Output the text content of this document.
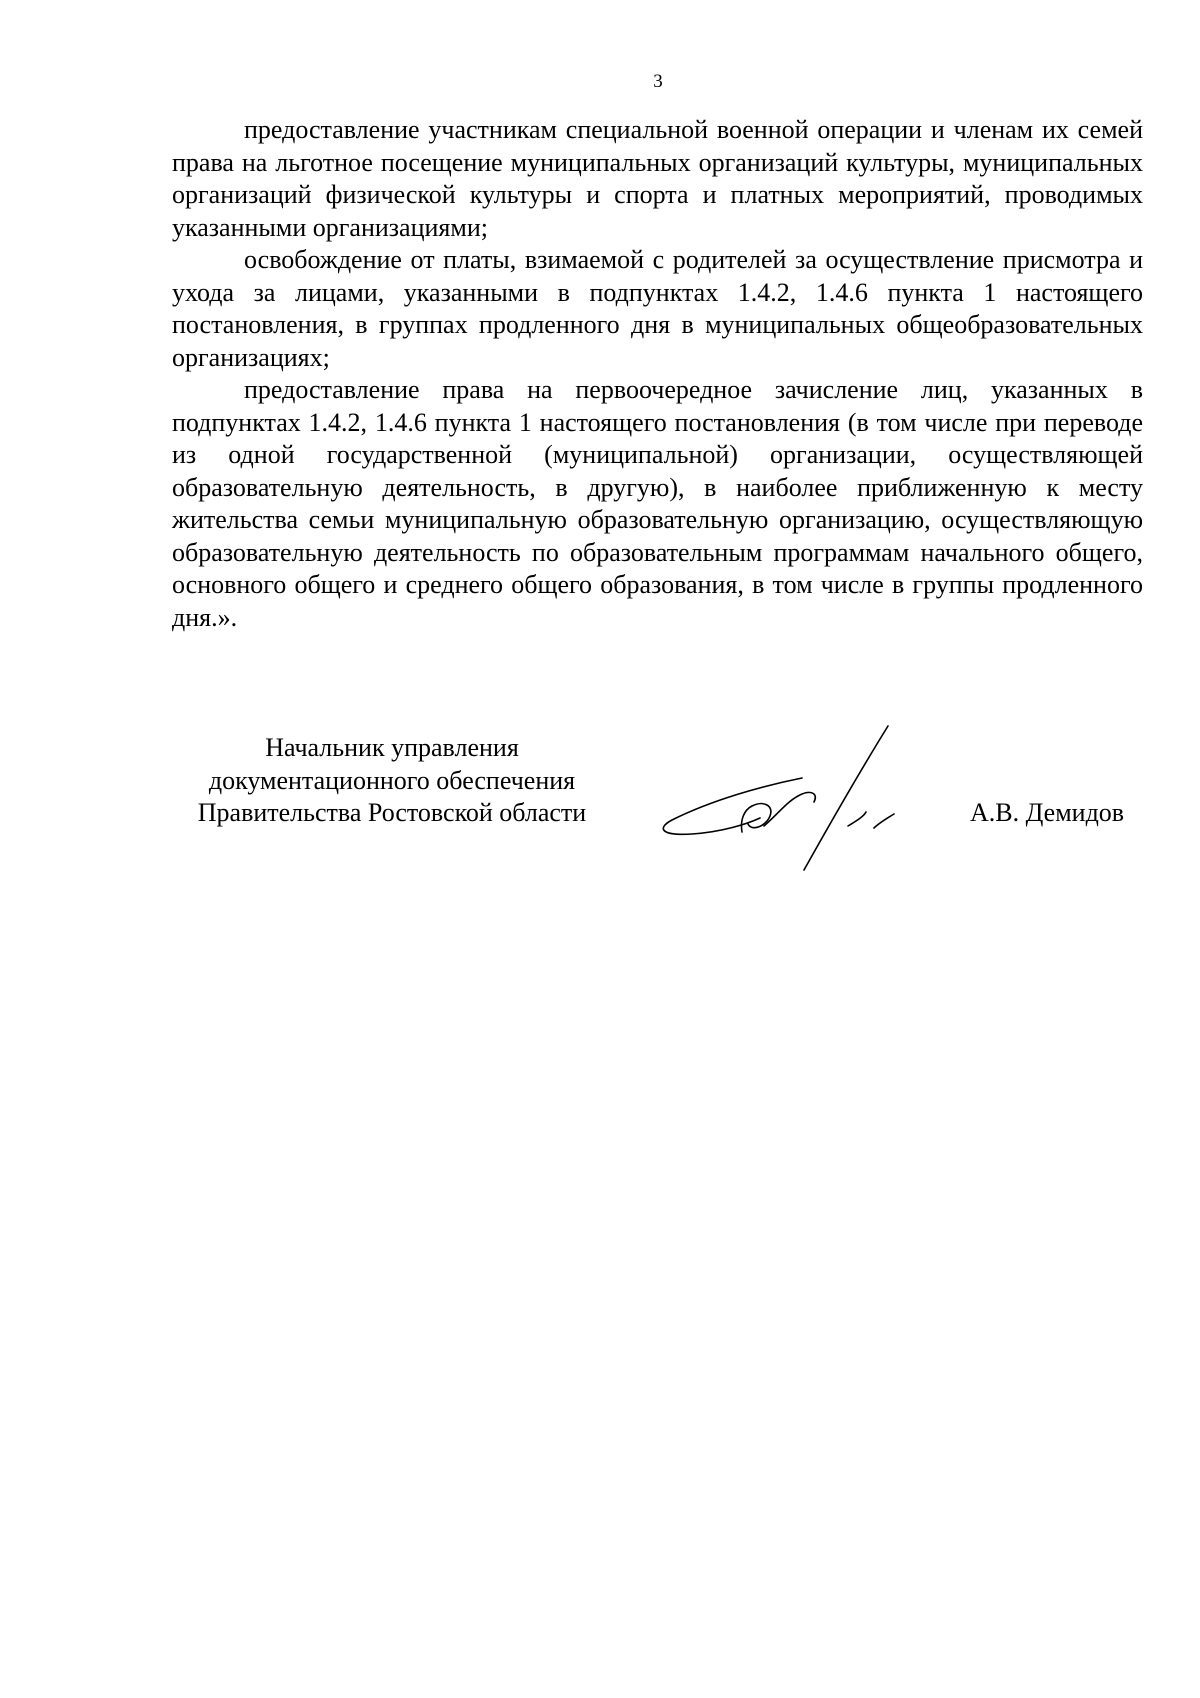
3

предоставление участникам специальной военной операции и членам их семей права на льготное посещение муниципальных организаций культуры, муниципальных организаций физической культуры и спорта и платных мероприятий, проводимых указанными организациями;

освобождение от платы, взимаемой с родителей за осуществление присмотра и ухода за лицами, указанными в подпунктах 1.4.2, 1.4.6 пункта 1 настоящего постановления, в группах продленного дня в муниципальных общеобразовательных организациях;

предоставление права на первоочередное зачисление лиц, указанных в подпунктах 1.4.2, 1.4.6 пункта 1 настоящего постановления (в том числе при переводе из одной государственной (муниципальной) организации, осуществляющей образовательную деятельность, в другую), в наиболее приближенную к месту жительства семьи муниципальную образовательную организацию, осуществляющую образовательную деятельность по образовательным программам начального общего, основного общего и среднего общего образования, в том числе в группы продленного дня.».

Начальник управления
документационного обеспечения
Правительства Ростовской области	А.В. Демидов
